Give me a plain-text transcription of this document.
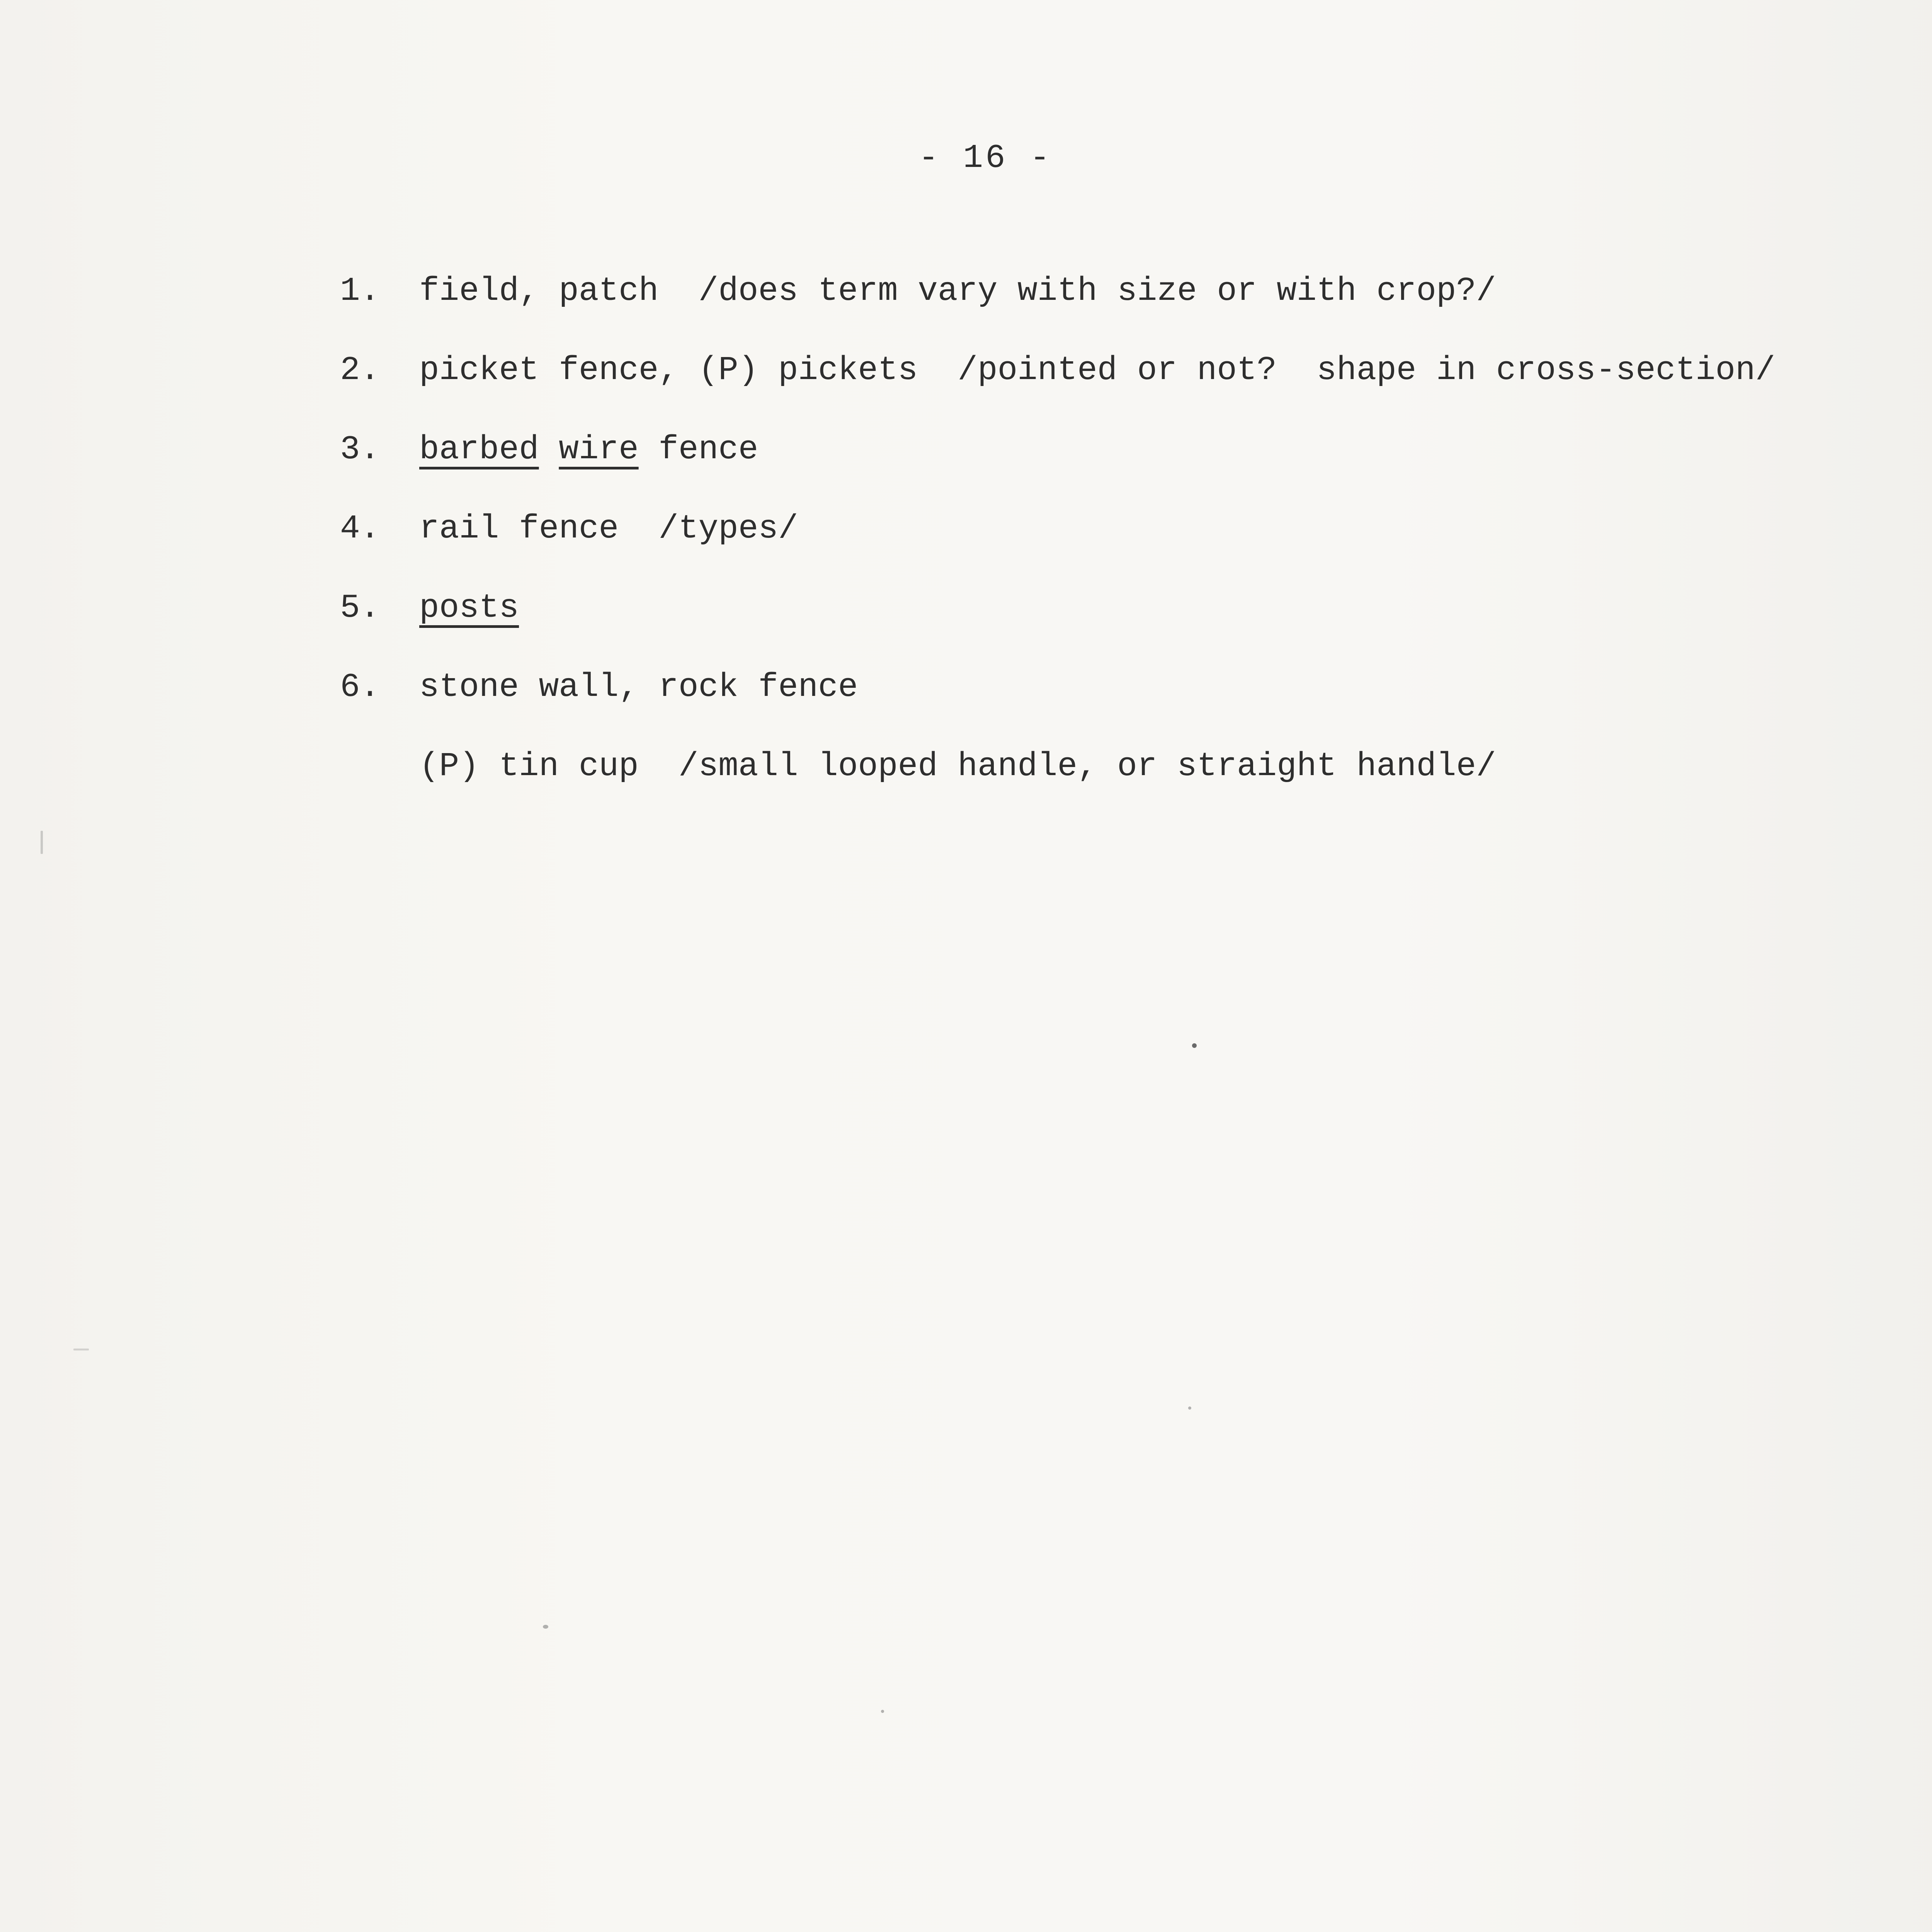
- 16 -
1. field, patch  /does term vary with size or with crop?/
2. picket fence, (P) pickets  /pointed or not?  shape in cross-section/
3. barbed wire fence
4. rail fence  /types/
5. posts
6. stone wall, rock fence
(P) tin cup  /small looped handle, or straight handle/
